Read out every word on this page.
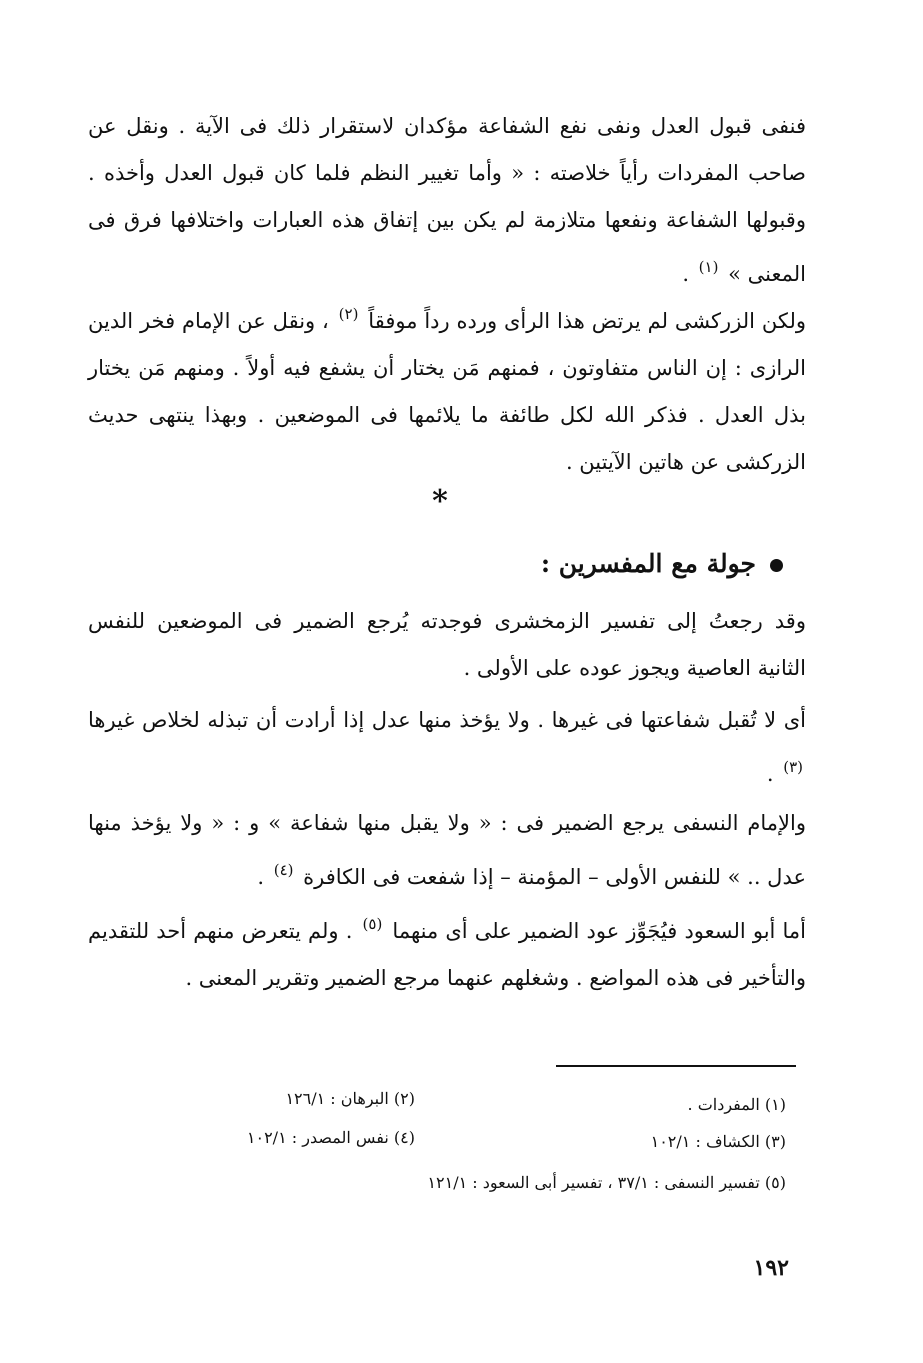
فنفى قبول العدل ونفى نفع الشفاعة مؤكدان لاستقرار ذلك فى الآية . ونقل عن صاحب المفردات رأياً خلاصته : « وأما تغيير النظم فلما كان قبول العدل وأخذه . وقبولها الشفاعة ونفعها متلازمة لم يكن بين إتفاق هذه العبارات واختلافها فرق فى المعنى » $^{(١)}$ .

ولكن الزركشى لم يرتض هذا الرأى ورده رداً موفقاً $^{(٢)}$ ، ونقل عن الإمام فخر الدين الرازى : إن الناس متفاوتون ، فمنهم مَن يختار أن يشفع فيه أولاً . ومنهم مَن يختار بذل العدل . فذكر الله لكل طائفة ما يلائمها فى الموضعين . وبهذا ينتهى حديث الزركشى عن هاتين الآيتين .

*
جولة مع المفسرين :

وقد رجعتُ إلى تفسير الزمخشرى فوجدته يُرجع الضمير فى الموضعين للنفس الثانية العاصية ويجوز عوده على الأولى .

أى لا تُقبل شفاعتها فى غيرها . ولا يؤخذ منها عدل إذا أرادت أن تبذله لخلاص غيرها $^{(٣)}$ .

والإمام النسفى يرجع الضمير فى : « ولا يقبل منها شفاعة » و : « ولا يؤخذ منها عدل .. » للنفس الأولى – المؤمنة – إذا شفعت فى الكافرة $^{(٤)}$ .

أما أبو السعود فيُجَوِّز عود الضمير على أى منهما $^{(٥)}$ . ولم يتعرض منهم أحد للتقديم والتأخير فى هذه المواضع . وشغلهم عنهما مرجع الضمير وتقرير المعنى .

(١) المفردات .
(٢) البرهان : ١٢٦/١
(٣) الكشاف : ١٠٢/١
(٤) نفس المصدر : ١٠٢/١
(٥) تفسير النسفى : ٣٧/١ ، تفسير أبى السعود : ١٢١/١
١٩٢
